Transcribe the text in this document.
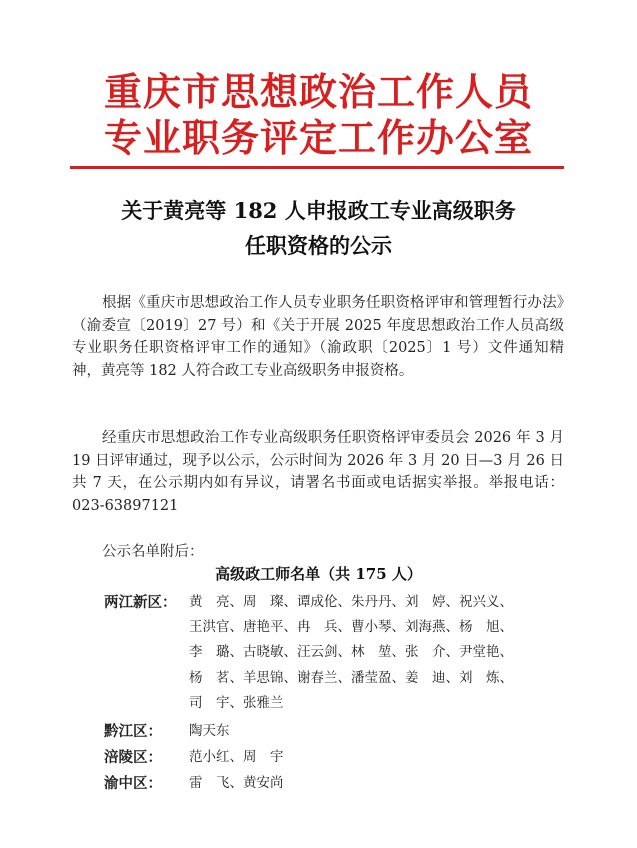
重庆市思想政治工作人员
专业职务评定工作办公室
关于黄亮等 182 人申报政工专业高级职务
任职资格的公示
根据《重庆市思想政治工作人员专业职务任职资格评审和管理暂行办法》（渝委宣〔2019〕27 号）和《关于开展 2025 年度思想政治工作人员高级专业职务任职资格评审工作的通知》（渝政职〔2025〕1 号）文件通知精神，黄亮等 182 人符合政工专业高级职务申报资格。
经重庆市思想政治工作专业高级职务任职资格评审委员会 2026 年 3 月 19 日评审通过，现予以公示，公示时间为 2026 年 3 月 20 日—3 月 26 日共 7 天，在公示期内如有异议，请署名书面或电话据实举报。举报电话：023-63897121
公示名单附后：
高级政工师名单（共 175 人）
两江新区： 黄　亮、周　璨、谭成伦、朱丹丹、刘　婷、祝兴义、
王洪官、唐艳平、冉　兵、曹小琴、刘海燕、杨　旭、
李　璐、古晓敏、汪云剑、林　堃、张　介、尹堂艳、
杨　茗、羊思锦、谢春兰、潘莹盈、姜　迪、刘　炼、
司　宇、张雅兰
黔江区：	陶天东
涪陵区：	范小红、周　宇
渝中区：	雷　飞、黄安尚
